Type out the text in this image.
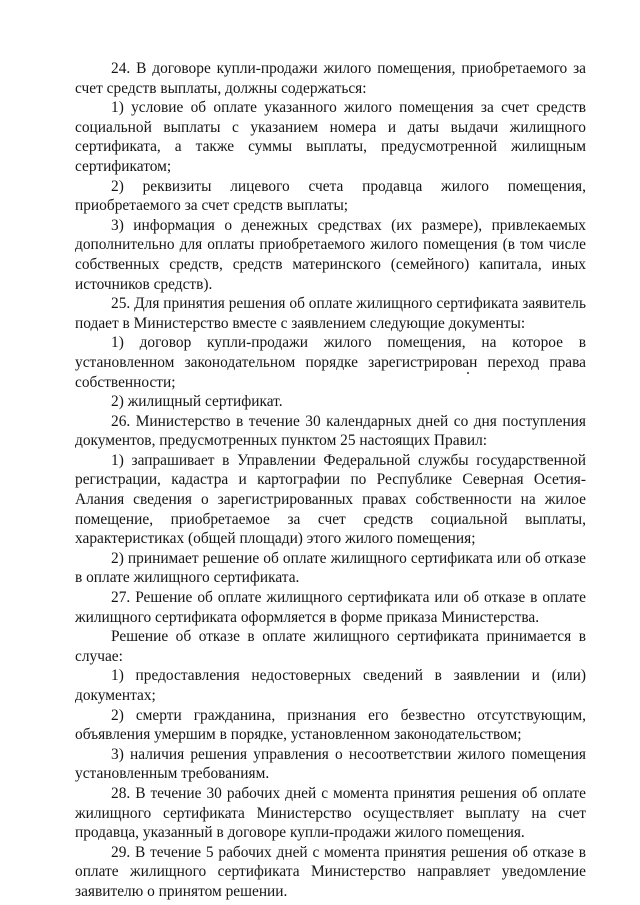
24. В договоре купли-продажи жилого помещения, приобретаемого за счет средств выплаты, должны содержаться:

1) условие об оплате указанного жилого помещения за счет средств социальной выплаты с указанием номера и даты выдачи жилищного сертификата, а также суммы выплаты, предусмотренной жилищным сертификатом;

2) реквизиты лицевого счета продавца жилого помещения, приобретаемого за счет средств выплаты;

3) информация о денежных средствах (их размере), привлекаемых дополнительно для оплаты приобретаемого жилого помещения (в том числе собственных средств, средств материнского (семейного) капитала, иных источников средств).

25. Для принятия решения об оплате жилищного сертификата заявитель подает в Министерство вместе с заявлением следующие документы:

1) договор купли-продажи жилого помещения, на которое в установленном законодательном порядке зарегистрирован переход права собственности;

2) жилищный сертификат.

26. Министерство в течение 30 календарных дней со дня поступления документов, предусмотренных пунктом 25 настоящих Правил:

1) запрашивает в Управлении Федеральной службы государственной регистрации, кадастра и картографии по Республике Северная Осетия-Алания сведения о зарегистрированных правах собственности на жилое помещение, приобретаемое за счет средств социальной выплаты, характеристиках (общей площади) этого жилого помещения;

2) принимает решение об оплате жилищного сертификата или об отказе в оплате жилищного сертификата.

27. Решение об оплате жилищного сертификата или об отказе в оплате жилищного сертификата оформляется в форме приказа Министерства.

Решение об отказе в оплате жилищного сертификата принимается в случае:

1) предоставления недостоверных сведений в заявлении и (или) документах;

2) смерти гражданина, признания его безвестно отсутствующим, объявления умершим в порядке, установленном законодательством;

3) наличия решения управления о несоответствии жилого помещения установленным требованиям.

28. В течение 30 рабочих дней с момента принятия решения об оплате жилищного сертификата Министерство осуществляет выплату на счет продавца, указанный в договоре купли-продажи жилого помещения.

29. В течение 5 рабочих дней с момента принятия решения об отказе в оплате жилищного сертификата Министерство направляет уведомление заявителю о принятом решении.
